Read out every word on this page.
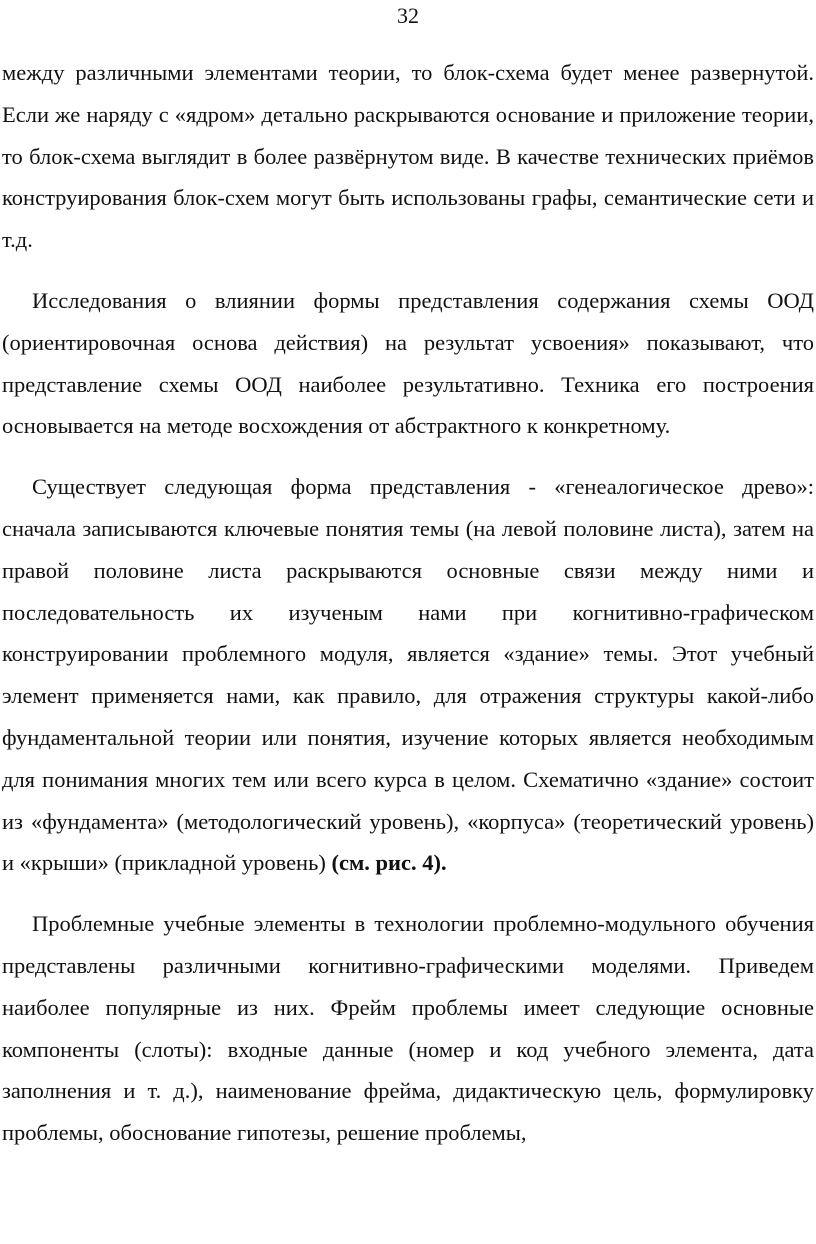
32

между различными элементами теории, то блок-схема будет менее развернутой. Если же наряду с «ядром» детально раскрываются основание и приложение теории, то блок-схема выглядит в более развёрнутом виде. В качестве технических приёмов конструирования блок-схем могут быть использованы графы, семантические сети и т.д.

Исследования о влиянии формы представления содержания схемы ООД (ориентировочная основа действия) на результат усвоения» показывают, что представление схемы ООД наиболее результативно. Техника его построения основывается на методе восхождения от абстрактного к конкретному.

Существует следующая форма представления - «генеалогическое древо»: сначала записываются ключевые понятия темы (на левой половине листа), затем на правой половине листа раскрываются основные связи между ними и последовательность их изученым нами при когнитивно-графическом конструировании проблемного модуля, является «здание» темы. Этот учебный элемент применяется нами, как правило, для отражения структуры какой-либо фундаментальной теории или понятия, изучение которых является необходимым для понимания многих тем или всего курса в целом. Схематично «здание» состоит из «фундамента» (методологический уровень), «корпуса» (теоретический уровень) и «крыши» (прикладной уровень) (см. рис. 4).

Проблемные учебные элементы в технологии проблемно-модульного обучения представлены различными когнитивно-графическими моделями. Приведем наиболее популярные из них. Фрейм проблемы имеет следующие основные компоненты (слоты): входные данные (номер и код учебного элемента, дата заполнения и т. д.), наименование фрейма, дидактическую цель, формулировку проблемы, обоснование гипотезы, решение проблемы,
